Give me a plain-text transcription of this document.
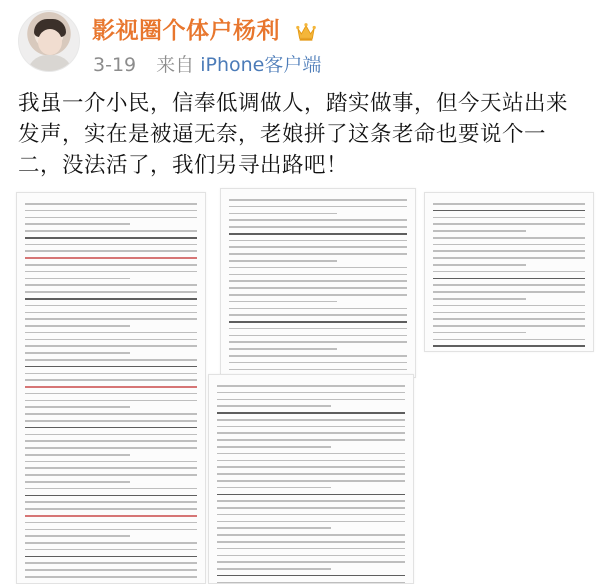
影视圈个体户杨利
3-19 来自 iPhone客户端
我虽一介小民，信奉低调做人，踏实做事，但今天站出来发声，实在是被逼无奈，老娘拼了这条老命也要说个一二，没法活了，我们另寻出路吧！
